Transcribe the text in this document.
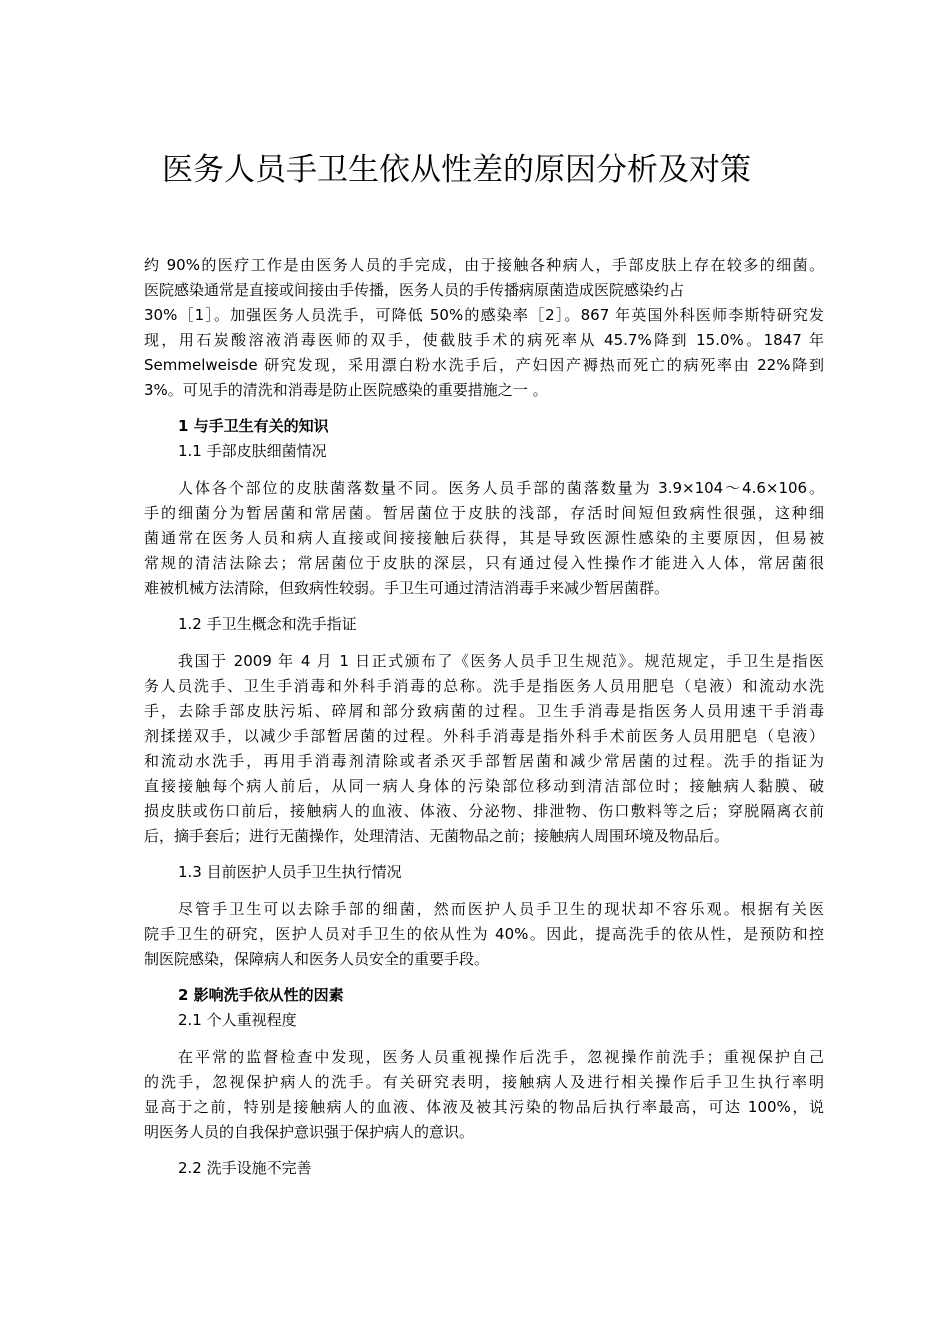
医务人员手卫生依从性差的原因分析及对策
约 90%的医疗工作是由医务人员的手完成，由于接触各种病人，手部皮肤上存在较多的细菌。
医院感染通常是直接或间接由手传播，医务人员的手传播病原菌造成医院感染约占
30%［1］。加强医务人员洗手，可降低 50%的感染率［2］。867 年英国外科医师李斯特研究发
现，用石炭酸溶液消毒医师的双手，使截肢手术的病死率从 45.7%降到 15.0%。1847 年
Semmelweisde 研究发现，采用漂白粉水洗手后，产妇因产褥热而死亡的病死率由 22%降到
3%。可见手的清洗和消毒是防止医院感染的重要措施之一 。
1 与手卫生有关的知识
1.1 手部皮肤细菌情况
人体各个部位的皮肤菌落数量不同。医务人员手部的菌落数量为 3.9×104～4.6×106。
手的细菌分为暂居菌和常居菌。暂居菌位于皮肤的浅部，存活时间短但致病性很强，这种细
菌通常在医务人员和病人直接或间接接触后获得，其是导致医源性感染的主要原因，但易被
常规的清洁法除去；常居菌位于皮肤的深层，只有通过侵入性操作才能进入人体，常居菌很
难被机械方法清除，但致病性较弱。手卫生可通过清洁消毒手来减少暂居菌群。
1.2 手卫生概念和洗手指证
我国于 2009 年 4 月 1 日正式颁布了《医务人员手卫生规范》。规范规定，手卫生是指医
务人员洗手、卫生手消毒和外科手消毒的总称。洗手是指医务人员用肥皂（皂液）和流动水洗
手，去除手部皮肤污垢、碎屑和部分致病菌的过程。卫生手消毒是指医务人员用速干手消毒
剂揉搓双手，以减少手部暂居菌的过程。外科手消毒是指外科手术前医务人员用肥皂（皂液）
和流动水洗手，再用手消毒剂清除或者杀灭手部暂居菌和减少常居菌的过程。洗手的指证为
直接接触每个病人前后，从同一病人身体的污染部位移动到清洁部位时；接触病人黏膜、破
损皮肤或伤口前后，接触病人的血液、体液、分泌物、排泄物、伤口敷料等之后；穿脱隔离衣前
后，摘手套后；进行无菌操作，处理清洁、无菌物品之前；接触病人周围环境及物品后。
1.3 目前医护人员手卫生执行情况
尽管手卫生可以去除手部的细菌，然而医护人员手卫生的现状却不容乐观。根据有关医
院手卫生的研究，医护人员对手卫生的依从性为 40%。因此，提高洗手的依从性，是预防和控
制医院感染，保障病人和医务人员安全的重要手段。
2 影响洗手依从性的因素
2.1 个人重视程度
在平常的监督检查中发现，医务人员重视操作后洗手，忽视操作前洗手；重视保护自己
的洗手，忽视保护病人的洗手。有关研究表明，接触病人及进行相关操作后手卫生执行率明
显高于之前，特别是接触病人的血液、体液及被其污染的物品后执行率最高，可达 100%，说
明医务人员的自我保护意识强于保护病人的意识。
2.2 洗手设施不完善
